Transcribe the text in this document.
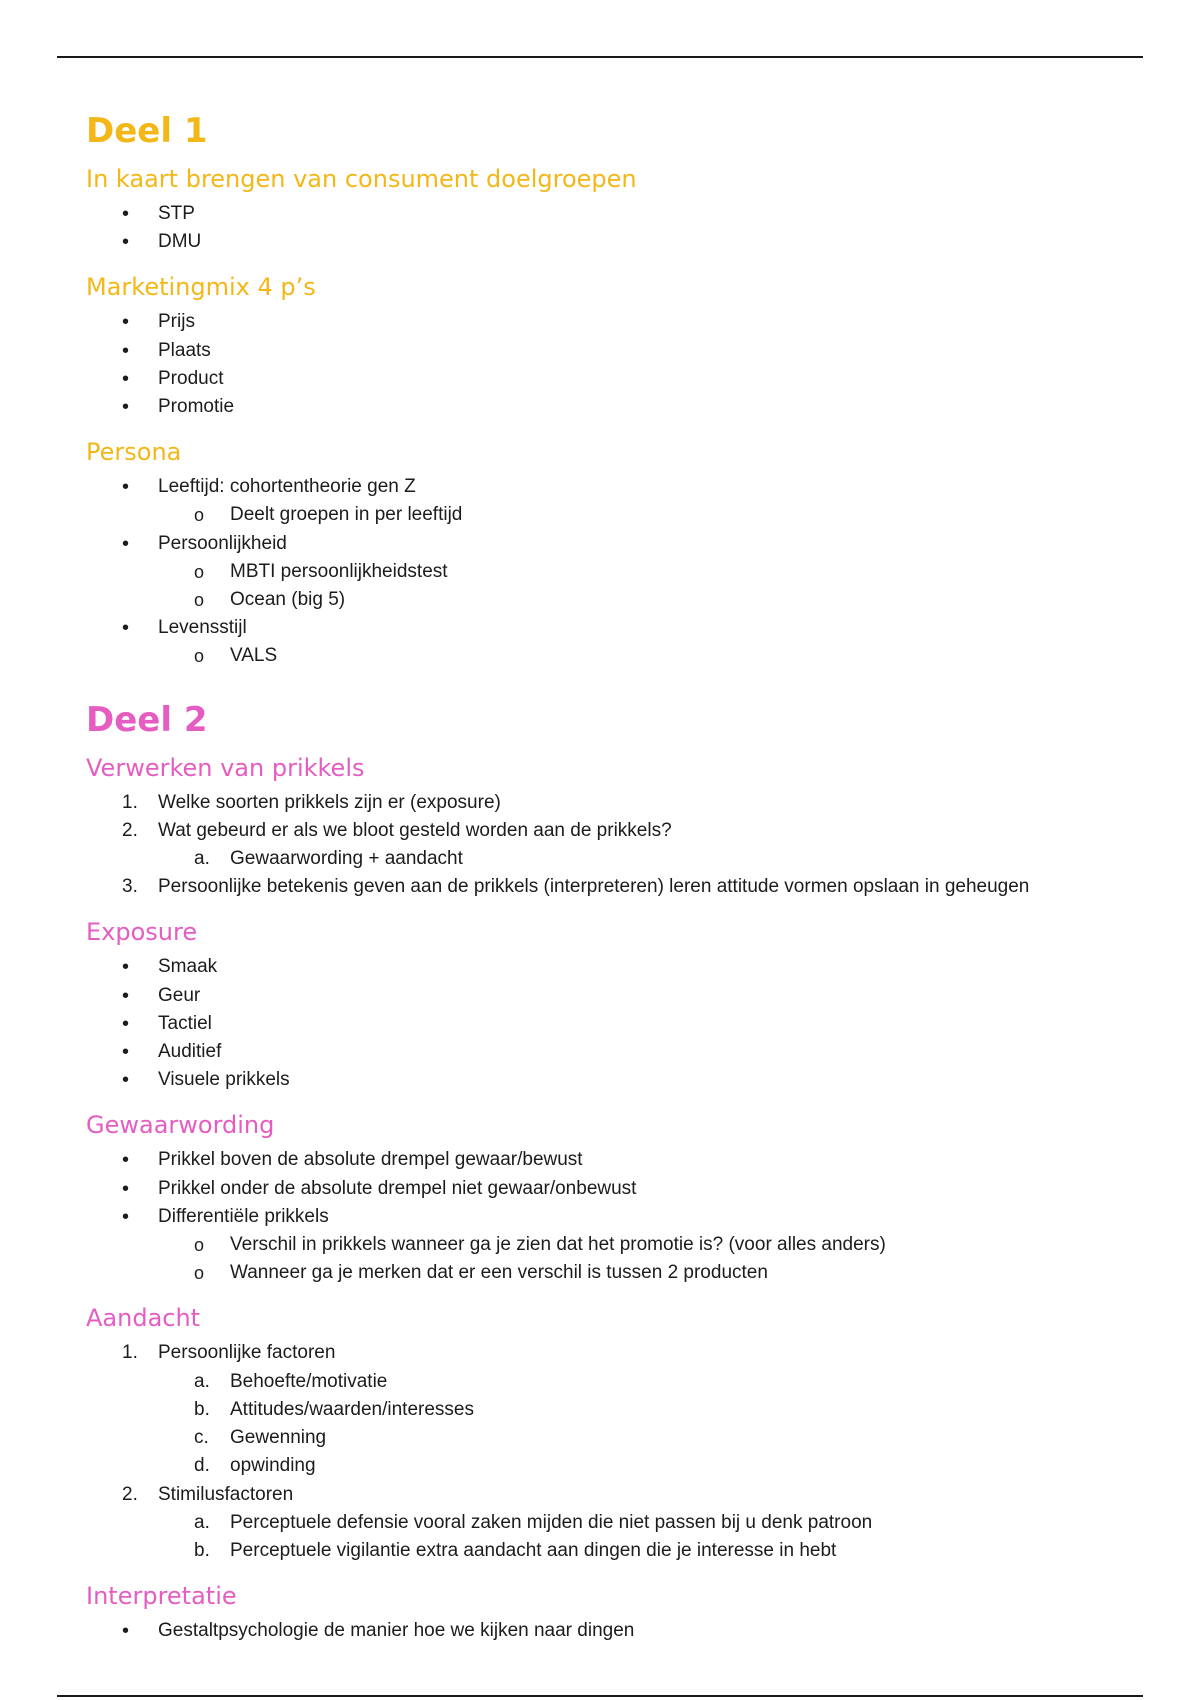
Deel 1
In kaart brengen van consument doelgroepen
•
STP
•
DMU
Marketingmix 4 p’s
•
Prijs
•
Plaats
•
Product
•
Promotie
Persona
•
Leeftijd: cohortentheorie gen Z
o
Deelt groepen in per leeftijd
•
Persoonlijkheid
o
MBTI persoonlijkheidstest
o
Ocean (big 5)
•
Levensstijl
o
VALS
Deel 2
Verwerken van prikkels
1.	Welke soorten prikkels zijn er (exposure)
2.	Wat gebeurd er als we bloot gesteld worden aan de prikkels?
a.	Gewaarwording + aandacht
3.	Persoonlijke betekenis geven aan de prikkels (interpreteren) leren attitude vormen opslaan in geheugen
Exposure
•
Smaak
•
Geur
•
Tactiel
•
Auditief
•
Visuele prikkels
Gewaarwording
•
Prikkel boven de absolute drempel gewaar/bewust
•
Prikkel onder de absolute drempel niet gewaar/onbewust
•
Differentiële prikkels
o
Verschil in prikkels wanneer ga je zien dat het promotie is? (voor alles anders)
o
Wanneer ga je merken dat er een verschil is tussen 2 producten
Aandacht
1.	Persoonlijke factoren
a.	Behoefte/motivatie
b.	Attitudes/waarden/interesses
c.	Gewenning
d.	opwinding
2.	Stimilusfactoren
a.	Perceptuele defensie vooral zaken mijden die niet passen bij u denk patroon
b.	Perceptuele vigilantie extra aandacht aan dingen die je interesse in hebt
Interpretatie
•
Gestaltpsychologie de manier hoe we kijken naar dingen
